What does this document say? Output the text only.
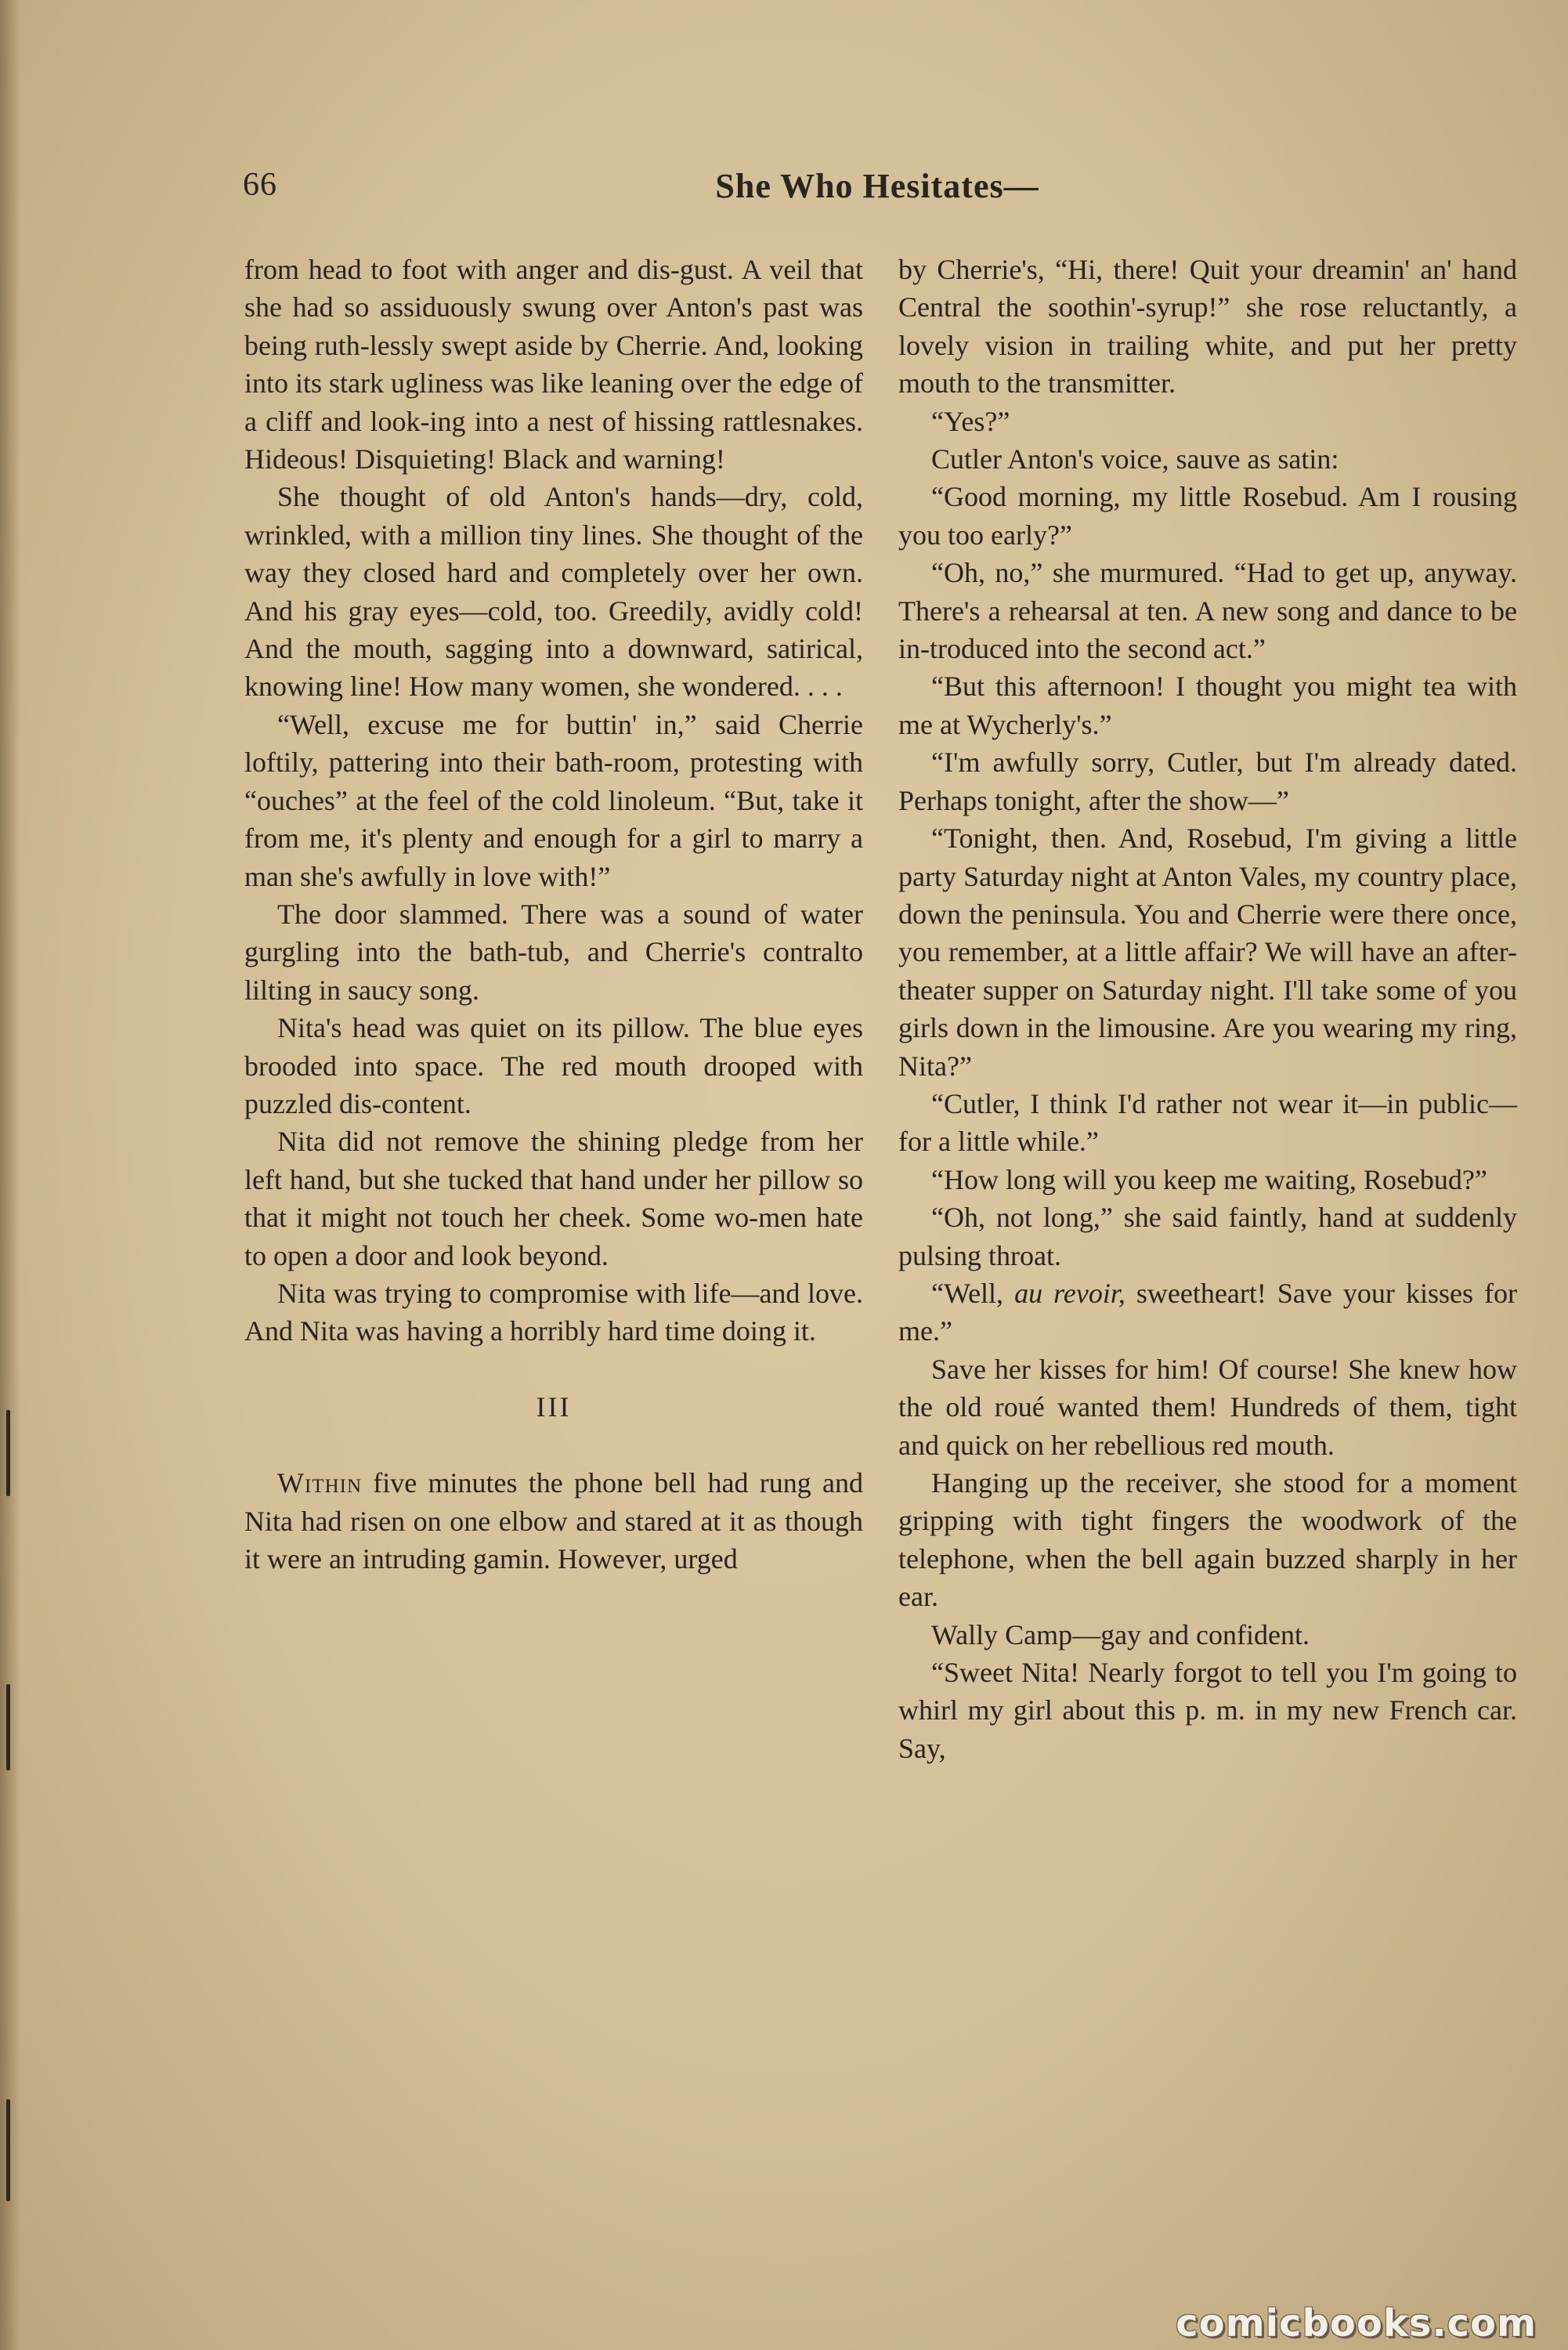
66	She Who Hesitates—

from head to foot with anger and dis-gust. A veil that she had so assiduously swung over Anton's past was being ruth-lessly swept aside by Cherrie. And, looking into its stark ugliness was like leaning over the edge of a cliff and look-ing into a nest of hissing rattlesnakes. Hideous! Disquieting! Black and warning!

She thought of old Anton's hands—dry, cold, wrinkled, with a million tiny lines. She thought of the way they closed hard and completely over her own. And his gray eyes—cold, too. Greedily, avidly cold! And the mouth, sagging into a downward, satirical, knowing line! How many women, she wondered. . . .

“Well, excuse me for buttin' in,” said Cherrie loftily, pattering into their bath-room, protesting with “ouches” at the feel of the cold linoleum. “But, take it from me, it's plenty and enough for a girl to marry a man she's awfully in love with!”

The door slammed. There was a sound of water gurgling into the bath-tub, and Cherrie's contralto lilting in saucy song.

Nita's head was quiet on its pillow. The blue eyes brooded into space. The red mouth drooped with puzzled dis-content.

Nita did not remove the shining pledge from her left hand, but she tucked that hand under her pillow so that it might not touch her cheek. Some wo-men hate to open a door and look beyond.

Nita was trying to compromise with life—and love. And Nita was having a horribly hard time doing it.

III

Within five minutes the phone bell had rung and Nita had risen on one elbow and stared at it as though it were an intruding gamin. However, urged

by Cherrie's, “Hi, there! Quit your dreamin' an' hand Central the soothin'-syrup!” she rose reluctantly, a lovely vision in trailing white, and put her pretty mouth to the transmitter.

“Yes?”

Cutler Anton's voice, sauve as satin:

“Good morning, my little Rosebud. Am I rousing you too early?”

“Oh, no,” she murmured. “Had to get up, anyway. There's a rehearsal at ten. A new song and dance to be in-troduced into the second act.”

“But this afternoon! I thought you might tea with me at Wycherly's.”

“I'm awfully sorry, Cutler, but I'm already dated. Perhaps tonight, after the show—”

“Tonight, then. And, Rosebud, I'm giving a little party Saturday night at Anton Vales, my country place, down the peninsula. You and Cherrie were there once, you remember, at a little affair? We will have an after-theater supper on Saturday night. I'll take some of you girls down in the limousine. Are you wearing my ring, Nita?”

“Cutler, I think I'd rather not wear it—in public—for a little while.”

“How long will you keep me waiting, Rosebud?”

“Oh, not long,” she said faintly, hand at suddenly pulsing throat.

“Well, au revoir, sweetheart! Save your kisses for me.”

Save her kisses for him! Of course! She knew how the old roué wanted them! Hundreds of them, tight and quick on her rebellious red mouth.

Hanging up the receiver, she stood for a moment gripping with tight fingers the woodwork of the telephone, when the bell again buzzed sharply in her ear.

Wally Camp—gay and confident.

“Sweet Nita! Nearly forgot to tell you I'm going to whirl my girl about this p. m. in my new French car. Say,

comicbooks.com
